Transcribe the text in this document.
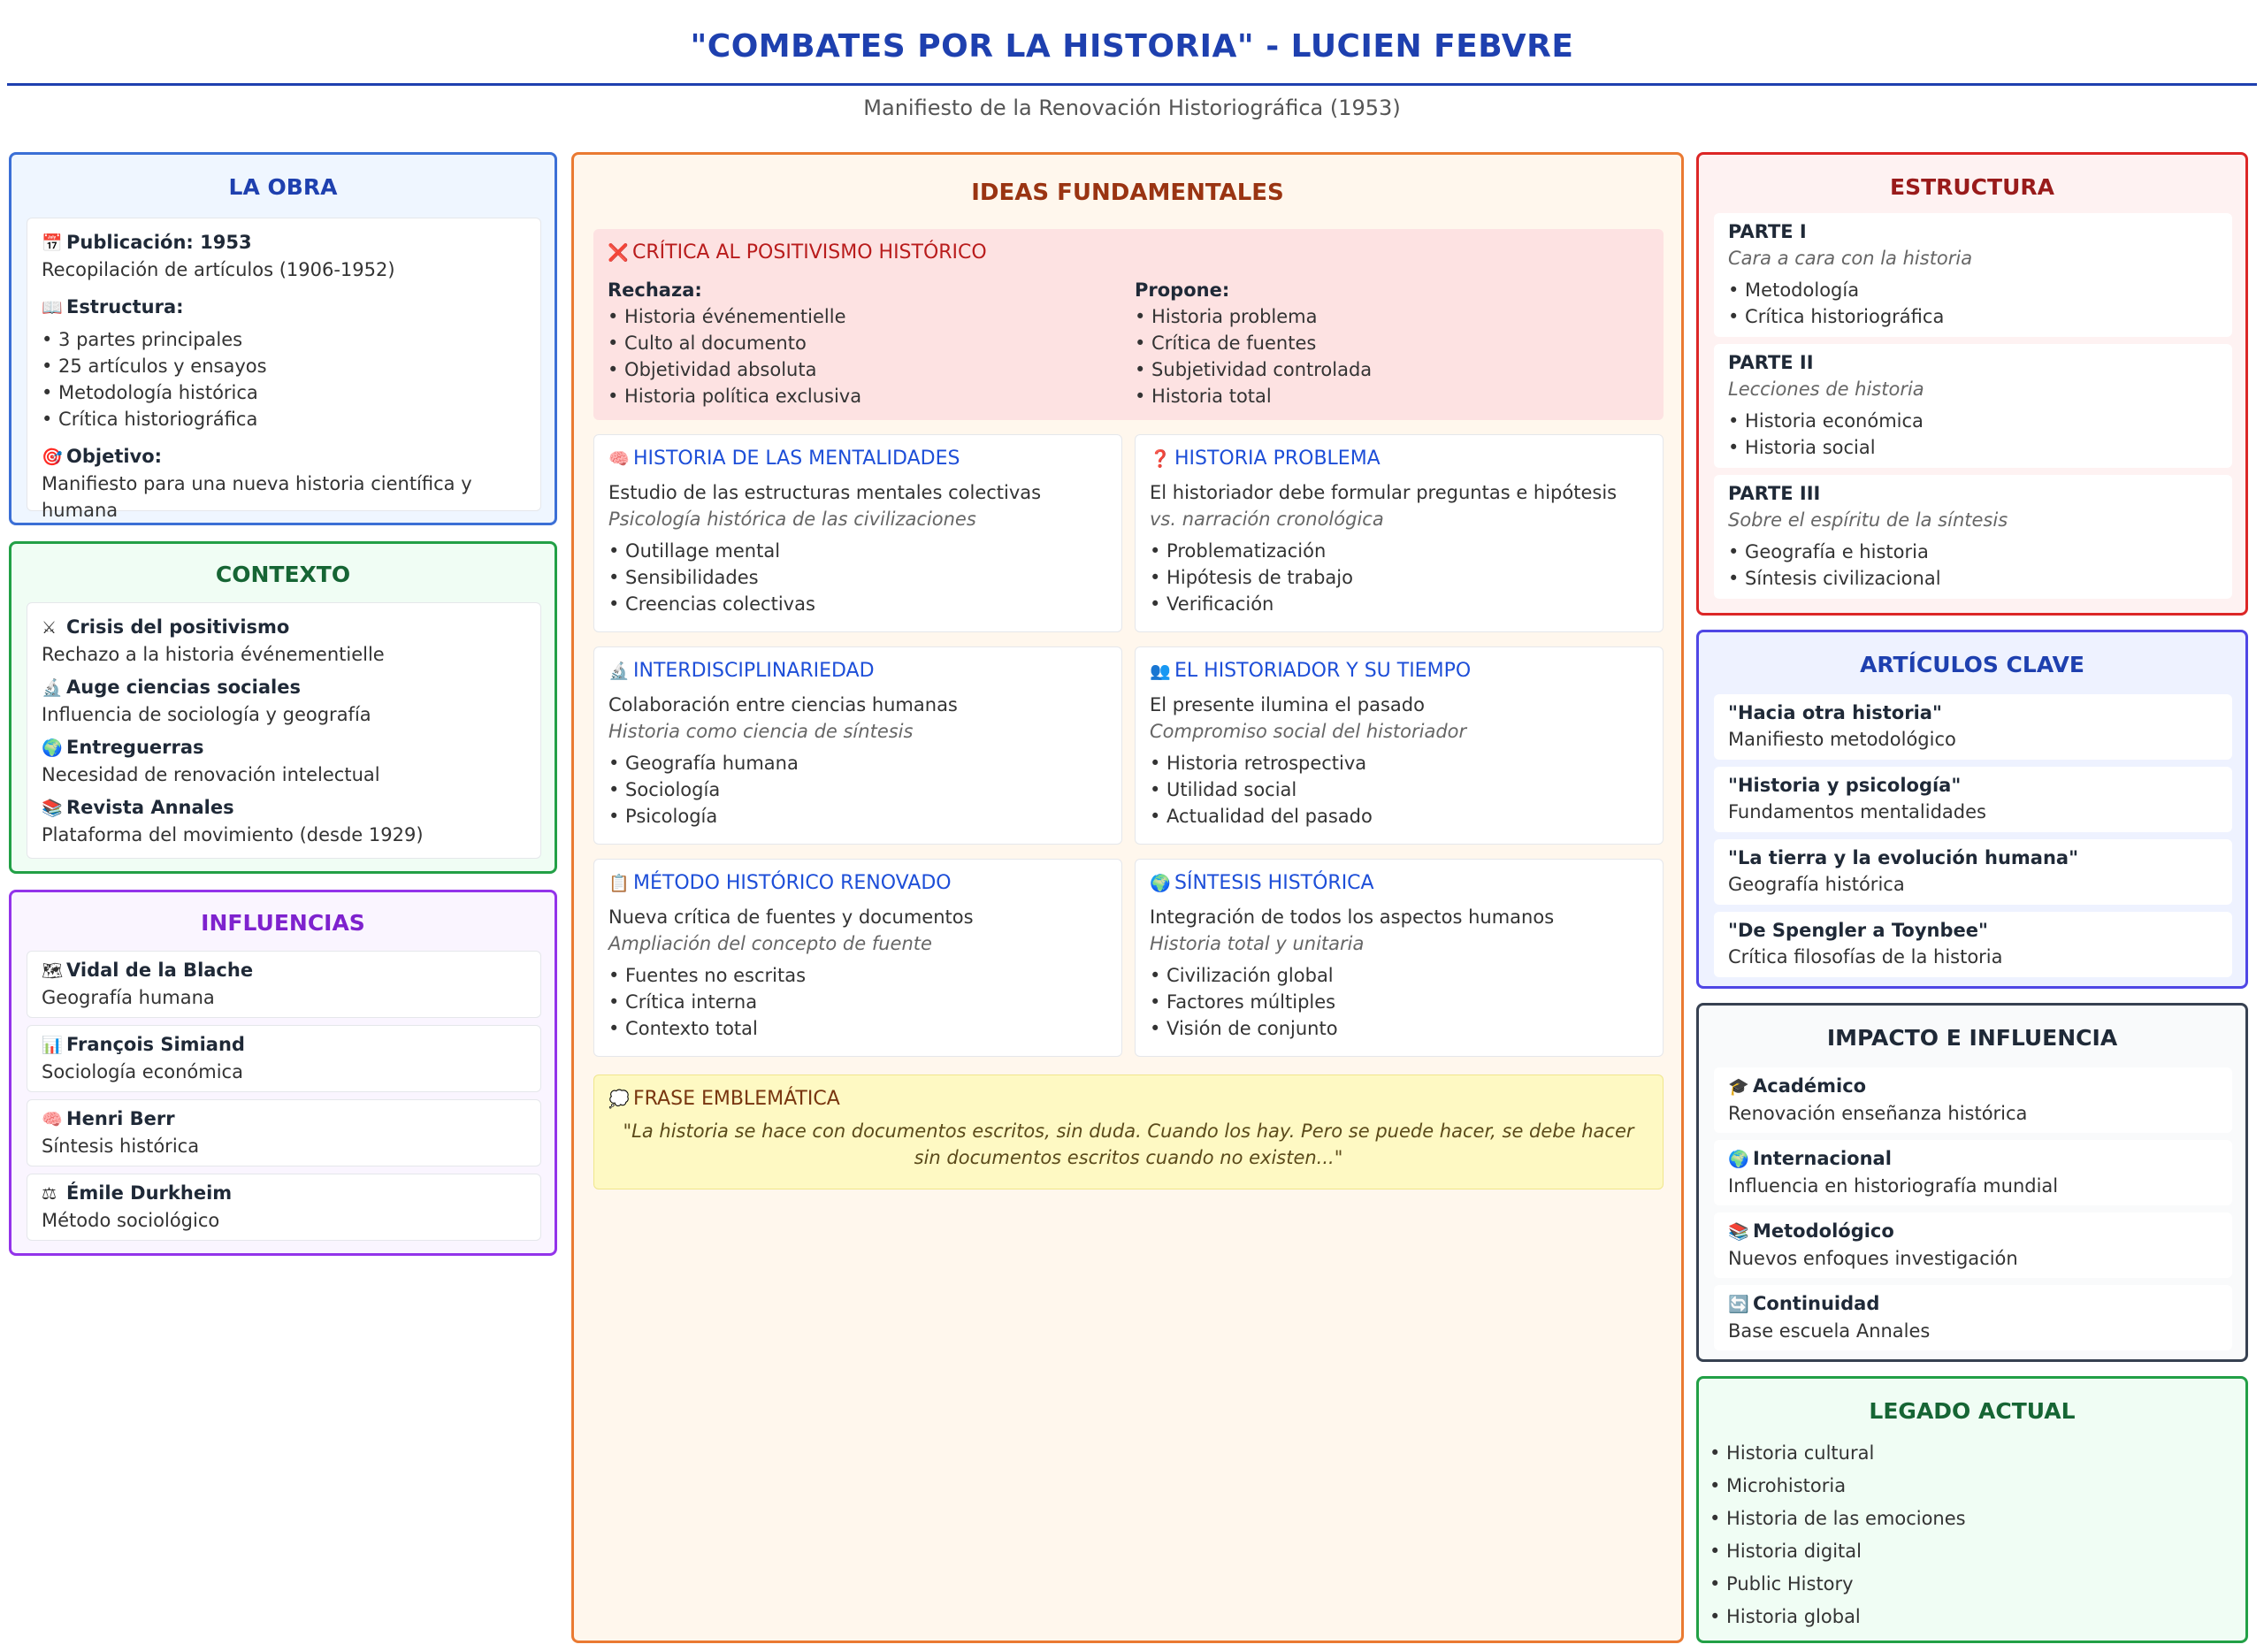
"COMBATES POR LA HISTORIA" - LUCIEN FEBVRE
Manifiesto de la Renovación Historiográfica (1953)
LA OBRA
📅 Publicación: 1953
Recopilación de artículos (1906-1952)
📖 Estructura:
• 3 partes principales
• 25 artículos y ensayos
• Metodología histórica
• Crítica historiográfica
🎯 Objetivo:
Manifiesto para una nueva historia científica y humana
CONTEXTO
⚔ Crisis del positivismo
Rechazo a la historia événementielle
🔬 Auge ciencias sociales
Influencia de sociología y geografía
🌍 Entreguerras
Necesidad de renovación intelectual
📚 Revista Annales
Plataforma del movimiento (desde 1929)
INFLUENCIAS
🗺 Vidal de la Blache
Geografía humana
📊 François Simiand
Sociología económica
🧠 Henri Berr
Síntesis histórica
⚖ Émile Durkheim
Método sociológico
IDEAS FUNDAMENTALES
❌ CRÍTICA AL POSITIVISMO HISTÓRICO
Rechaza:
• Historia événementielle
• Culto al documento
• Objetividad absoluta
• Historia política exclusiva
Propone:
• Historia problema
• Crítica de fuentes
• Subjetividad controlada
• Historia total
🧠 HISTORIA DE LAS MENTALIDADES
Estudio de las estructuras mentales colectivas
Psicología histórica de las civilizaciones
• Outillage mental
• Sensibilidades
• Creencias colectivas
❓ HISTORIA PROBLEMA
El historiador debe formular preguntas e hipótesis
vs. narración cronológica
• Problematización
• Hipótesis de trabajo
• Verificación
🔬 INTERDISCIPLINARIEDAD
Colaboración entre ciencias humanas
Historia como ciencia de síntesis
• Geografía humana
• Sociología
• Psicología
👥 EL HISTORIADOR Y SU TIEMPO
El presente ilumina el pasado
Compromiso social del historiador
• Historia retrospectiva
• Utilidad social
• Actualidad del pasado
📋 MÉTODO HISTÓRICO RENOVADO
Nueva crítica de fuentes y documentos
Ampliación del concepto de fuente
• Fuentes no escritas
• Crítica interna
• Contexto total
🌍 SÍNTESIS HISTÓRICA
Integración de todos los aspectos humanos
Historia total y unitaria
• Civilización global
• Factores múltiples
• Visión de conjunto
💭 FRASE EMBLEMÁTICA
"La historia se hace con documentos escritos, sin duda. Cuando los hay. Pero se puede hacer, se debe hacer sin documentos escritos cuando no existen..."
ESTRUCTURA
PARTE I
Cara a cara con la historia
• Metodología
• Crítica historiográfica
PARTE II
Lecciones de historia
• Historia económica
• Historia social
PARTE III
Sobre el espíritu de la síntesis
• Geografía e historia
• Síntesis civilizacional
ARTÍCULOS CLAVE
"Hacia otra historia"
Manifiesto metodológico
"Historia y psicología"
Fundamentos mentalidades
"La tierra y la evolución humana"
Geografía histórica
"De Spengler a Toynbee"
Crítica filosofías de la historia
IMPACTO E INFLUENCIA
🎓 Académico
Renovación enseñanza histórica
🌍 Internacional
Influencia en historiografía mundial
📚 Metodológico
Nuevos enfoques investigación
🔄 Continuidad
Base escuela Annales
LEGADO ACTUAL
• Historia cultural
• Microhistoria
• Historia de las emociones
• Historia digital
• Public History
• Historia global
